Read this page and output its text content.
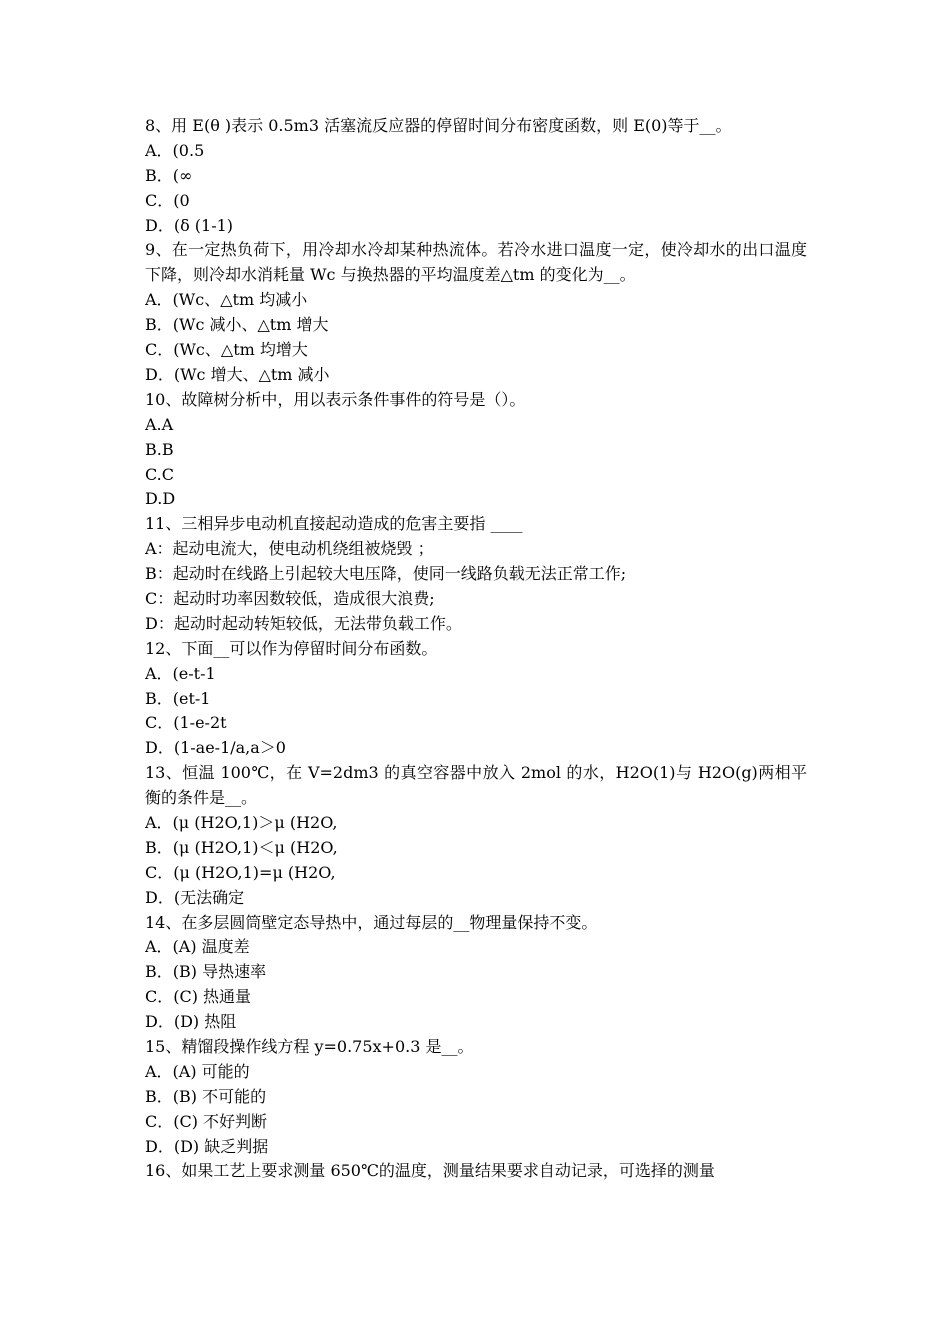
8、用 E(θ )表示 0.5m3 活塞流反应器的停留时间分布密度函数，则 E(0)等于__。
A．(0.5
B．(∞
C．(0
D．(δ (1-1)
9、在一定热负荷下，用冷却水冷却某种热流体。若冷水进口温度一定，使冷却水的出口温度下降，则冷却水消耗量 Wc 与换热器的平均温度差△tm 的变化为__。
A．(Wc、△tm 均减小
B．(Wc 减小、△tm 增大
C．(Wc、△tm 均增大
D．(Wc 增大、△tm 减小
10、故障树分析中，用以表示条件事件的符号是（）。
A.A
B.B
C.C
D.D
11、三相异步电动机直接起动造成的危害主要指 ____
A：起动电流大，使电动机绕组被烧毁 ；
B：起动时在线路上引起较大电压降，使同一线路负载无法正常工作;
C：起动时功率因数较低，造成很大浪费;
D：起动时起动转矩较低，无法带负载工作。
12、下面__可以作为停留时间分布函数。
A．(e-t-1
B．(et-1
C．(1-e-2t
D．(1-ae-1/a,a＞0
13、恒温 100℃，在 V=2dm3 的真空容器中放入 2mol 的水，H2O(1)与 H2O(g)两相平衡的条件是__。
A．(μ (H2O,1)＞μ (H2O,
B．(μ (H2O,1)＜μ (H2O,
C．(μ (H2O,1)=μ (H2O,
D．(无法确定
14、在多层圆筒壁定态导热中，通过每层的__物理量保持不变。
A．(A) 温度差
B．(B) 导热速率
C．(C) 热通量
D．(D) 热阻
15、精馏段操作线方程 y=0.75x+0.3 是__。
A．(A) 可能的
B．(B) 不可能的
C．(C) 不好判断
D．(D) 缺乏判据
16、如果工艺上要求测量 650℃的温度，测量结果要求自动记录，可选择的测量
